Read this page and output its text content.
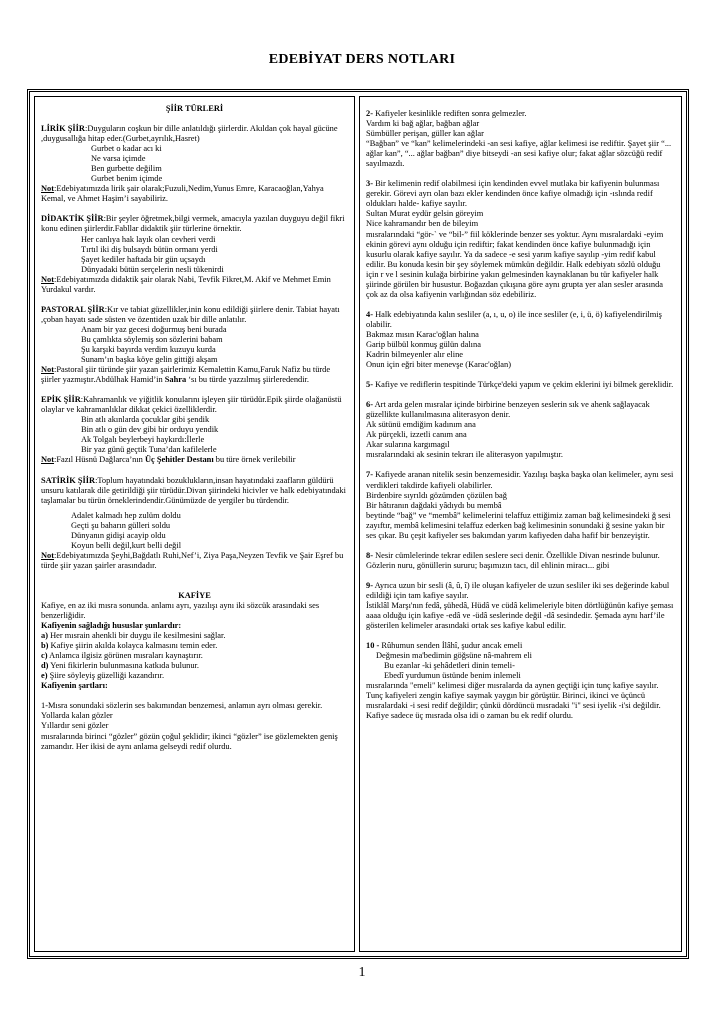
EDEBİYAT DERS NOTLARI

ŞİİR TÜRLERİ

LİRİK ŞİİR:Duyguların coşkun bir dille anlatıldığı şiirlerdir. Akıldan çok hayal gücüne ,duygusallığa hitap eder.(Gurbet,ayrılık,Hasret)

Gurbet o kadar acı ki

Ne varsa içimde

Ben gurbette değilim

Gurbet benim içimde

Not:Edebiyatımızda lirik şair olarak;Fuzuli,Nedim,Yunus Emre, Karacaoğlan,Yahya Kemal, ve Ahmet Haşim’i sayabiliriz.

DİDAKTİK ŞİİR:Bir şeyler öğretmek,bilgi vermek, amacıyla yazılan duyguyu değil fikri konu edinen şiirlerdir.Fabllar didaktik şiir türlerine örnektir.

Her canlıya hak layık olan cevheri verdi

Tırtıl iki diş bulsaydı bütün ormanı yerdi

Şayet kediler haftada bir gün uçsaydı

Dünyadaki bütün serçelerin nesli tükenirdi

Not:Edebiyatımızda didaktik şair olarak Nabi, Tevfik Fikret,M. Akif ve Mehmet Emin Yurdakul vardır.

PASTORAL ŞİİR:Kır ve tabiat güzellikler,inin konu edildiği şiirlere denir. Tabiat hayatı ,çoban hayatı sade süsten ve özentiden uzak bir dille anlatılır.

Anam bir yaz gecesi doğurmuş beni burada

Bu çamlıkta söylemiş son sözlerini babam

Şu karşıki bayırda verdim kuzuyu kurda

Sunam’ın başka köye gelin gittiği akşam

Not:Pastoral şiir türünde şiir yazan şairlerimiz Kemalettin Kamu,Faruk Nafiz bu türde şiirler yazmıştır.Abdülhak Hamid’in Sahra ‘sı bu türde yazzılmış şiirleredendir.

EPİK ŞİİR:Kahramanlık ve yiğitlik konularını işleyen şiir türüdür.Epik şiirde olağanüstü olaylar ve kahramanlıklar dikkat çekici özelliklerdir.

Bin atlı akınlarda çocuklar gibi şendik

Bin atlı o gün dev gibi bir orduyu yendik

Ak Tolgalı beylerbeyi haykırdı:İlerle

Bir yaz günü geçtik Tuna’dan kafilelerle

Not:Fazıl Hüsnü Dağlarca’nın Üç Şehitler Destanı bu türe örnek verilebilir

SATİRİK ŞİİR:Toplum hayatındaki bozuklukların,insan hayatındaki zaafların güldürü unsuru katılarak dile getirildiği şiir türüdür.Divan şiirindeki hicivler ve halk edebiyatındaki taşlamalar bu türün örneklerindendir.Günümüzde de yergiler bu türdendir.

Adalet kalmadı hep zulüm doldu

Geçti şu baharın gülleri soldu

Dünyanın gidişi acayip oldu

Koyun belli değil,kurt belli değil

Not:Edebiyatımızda Şeyhi,Bağdatlı Ruhi,Nef’i, Ziya Paşa,Neyzen Tevfik ve Şair Eşref bu türde şiir yazan şairler arasındadır.

KAFİYE

Kafiye, en az iki mısra sonunda. anlamı ayrı, yazılışı aynı iki sözcük arasındaki ses benzerliğidir.

Kafiyenin sağladığı hususlar şunlardır:

a) Her mısrain ahenkli bir duygu ile kesilmesini sağlar.

b) Kafiye şiirin akılda kolayca kalmasını temin eder.

c) Anlamca ilgisiz görünen mısraları kaynaştırır.

d) Yeni fikirlerin bulunmasına katkıda bulunur.

e) Şiire söyleyiş güzelliği kazandırır.

Kafiyenin şartları:

1-Mısra sonundaki sözlerin ses bakımından benzemesi, anlamın ayrı olması gerekir.

Yollarda kalan gözler

Yıllardır seni gözler

mısralarında birinci “gözler” gözün çoğul şeklidir; ikinci “gözler” ise gözlemekten geniş zamandır. Her ikisi de aynı anlama gelseydi redif olurdu.

2- Kafiyeler kesinlikle rediften sonra gelmezler.

Vardım ki bağ ağlar, bağban ağlar

Sümbüller perişan, güller kan ağlar

“Bağban” ve “kan” kelimelerindeki -an sesi kafiye, ağlar kelimesi ise rediftir. Şayet şiir “... ağlar kan”, “... ağlar bağban” diye bitseydi -an sesi kafiye olur; fakat ağlar sözcüğü redif sayılmazdı.

3- Bir kelimenin redif olabilmesi için kendinden evvel mutlaka bir kafiyenin bulunması gerekir. Görevi ayrı olan bazı ekler kendinden önce kafiye olmadığı için -ıslında redif oldukları halde- kafiye sayılır.

Sultan Murat eydür gelsin göreyim

Nice kahramandır ben de bileyim

mısralarındaki “gör-` ve “bil-” fiil köklerinde benzer ses yoktur. Aynı mısralardaki -eyim ekinin görevi aynı olduğu için rediftir; fakat kendinden önce kafiye bulunmadığı için kusurlu olarak kafiye sayılır. Ya da sadece -e sesi yarım kafiye sayılıp -yim redif kabul edilir. Bu konuda kesin bir şey söylemek mümkün değildir. Halk edebiyatı sözlü olduğu için r ve l sesinin kulağa birbirine yakın gelmesinden kaynaklanan bu tür kafiyeler halk şiirinde görülen bir husustur. Boğazdan çıkışına göre aynı grupta yer alan sesler arasında çok az da olsa kafiyenin varlığından söz edebiliriz.

4- Halk edebiyatında kalın sesliler (a, ı, u, o) ile ince sesliler (e, i, ü, ö) kafiyelendirilmiş olabilir.

Bakmaz mısın Karac'oğlan halına

Garip bülbül konmuş gülün dalına

Kadrin bilmeyenler alır eline

Onun için eğri biter menevşe (Karac'oğlan)

5- Kafiye ve rediflerin tespitinde Türkçe'deki yapım ve çekim eklerini iyi bilmek gereklidir.

6- Art arda gelen mısralar içinde birbirine benzeyen seslerin sık ve ahenk sağlayacak güzellikte kullanılmasına aliterasyon denir.

Ak sütünü emdiğim kadınım ana

Ak pürçekli, izzetli canım ana

Akar sularına kargımagıl

mısralarındaki ak sesinin tekrarı ile aliterasyon yapılmıştır.

7- Kafiyede aranan nitelik sesin benzemesidir. Yazılışı başka başka olan kelimeler, aynı sesi verdikleri takdirde kafiyeli olabilirler.

Birdenbire sıyrıldı gözümden çözülen bağ

Bir hâtıranın dağdaki yâdıydı bu membâ

beytinde “bağ” ve “membâ” kelimelerini telaffuz ettiğimiz zaman bağ kelimesindeki ğ sesi zayıftır, membâ kelimesini telaffuz ederken bağ kelimesinin sonundaki ğ sesine yakın bir ses çıkar. Bu çeşit kafiyeler ses bakımdan yarım kafiyeden daha hafif bir benzeyiştir.

8- Nesir cümlelerinde tekrar edilen seslere seci denir. Özellikle Divan nesrinde bulunur.

Gözlerin nuru, gönüllerin sururu; başımızın tacı, dil ehlinin miracı... gibi

9- Ayrıca uzun bir sesli (â, û, î) ile oluşan kafiyeler de uzun sesliler iki ses değerinde kabul edildiği için tam kafiye sayılır.

İstiklâl Marşı'nın fedâ, şühedâ, Hüdâ ve cüdâ kelimeleriyle biten dörtlüğünün kafiye şeması aaaa olduğu için kafiye -edâ ve -üdâ seslerinde değil -dâ sesindedir. Şemada aynı harf’ile gösterilen kelimeler arasındaki ortak ses kafiye kabul edilir.

10 - Rûhumun senden İlâhî, şudur ancak emeli

Değmesin ma'bedimin göğsüne nâ-mahrem eli

Bu ezanlar -ki şehâdetleri dinin temeli-

Ebedî yurdumun üstünde benim inlemeli

mısralarında "emeli" kelimesi diğer mısralarda da aynen geçtiği için tunç kafiye sayılır. Tunç kafiyeleri zengin kafiye saymak yaygın bir görüştür. Birinci, ikinci ve üçüncü mısralardaki -i sesi redif değildir; çünkü dördüncü mısradaki "i" sesi iyelik -i'si değildir. Kafiye sadece üç mısrada olsa idi o zaman bu ek redif olurdu.

1
